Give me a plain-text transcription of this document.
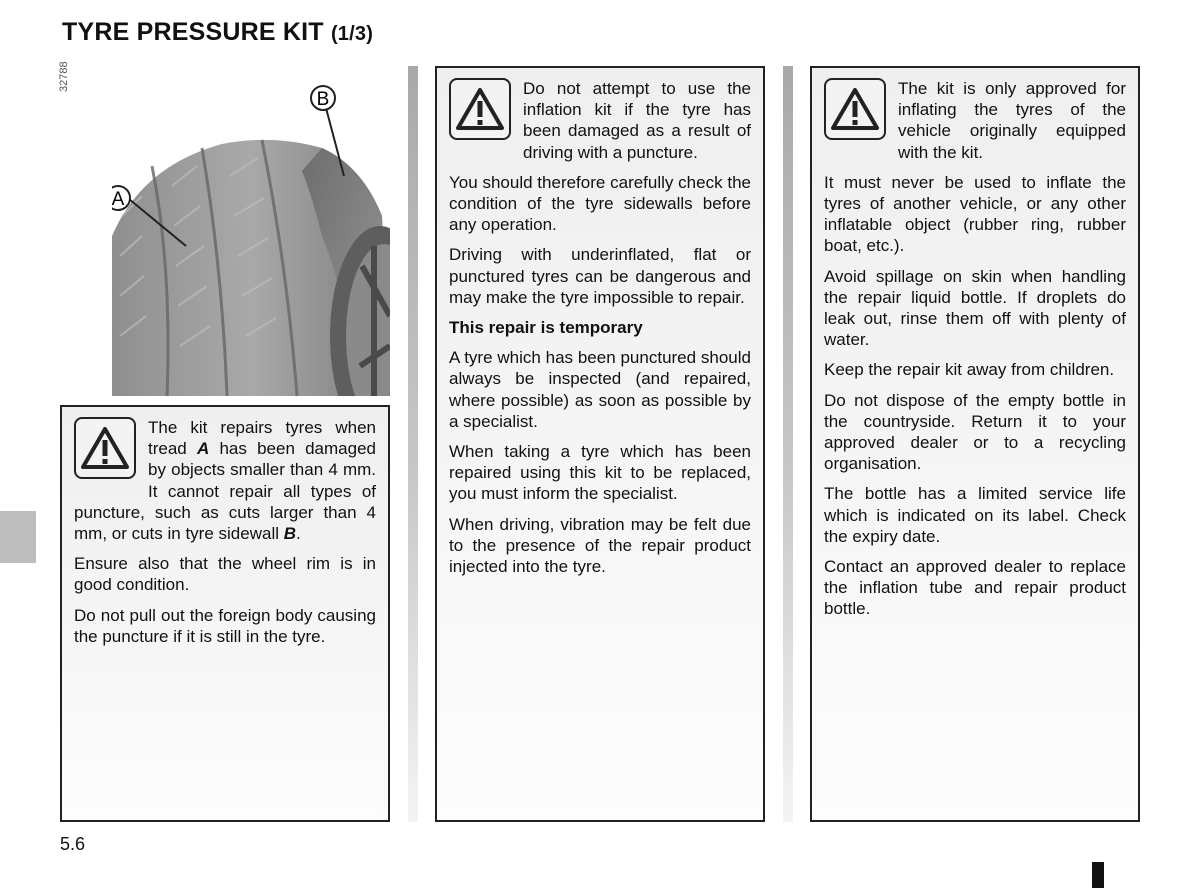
TYRE PRESSURE KIT (1/3)
32788
A
B

The kit repairs tyres when tread A has been damaged by objects smaller than 4 mm. It cannot repair all types of puncture, such as cuts larger than 4 mm, or cuts in tyre sidewall B.

Ensure also that the wheel rim is in good condition.

Do not pull out the foreign body causing the puncture if it is still in the tyre.

Do not attempt to use the inflation kit if the tyre has been damaged as a result of driving with a puncture.

You should therefore carefully check the condition of the tyre sidewalls before any operation.

Driving with underinflated, flat or punctured tyres can be dangerous and may make the tyre impossible to repair.

This repair is temporary

A tyre which has been punctured should always be inspected (and repaired, where possible) as soon as possible by a specialist.

When taking a tyre which has been repaired using this kit to be replaced, you must inform the specialist.

When driving, vibration may be felt due to the presence of the repair product injected into the tyre.

The kit is only approved for inflating the tyres of the vehicle originally equipped with the kit.

It must never be used to inflate the tyres of another vehicle, or any other inflatable object (rubber ring, rubber boat, etc.).

Avoid spillage on skin when handling the repair liquid bottle. If droplets do leak out, rinse them off with plenty of water.

Keep the repair kit away from children.

Do not dispose of the empty bottle in the countryside. Return it to your approved dealer or to a recycling organisation.

The bottle has a limited service life which is indicated on its label. Check the expiry date.

Contact an approved dealer to replace the inflation tube and repair product bottle.

5.6
